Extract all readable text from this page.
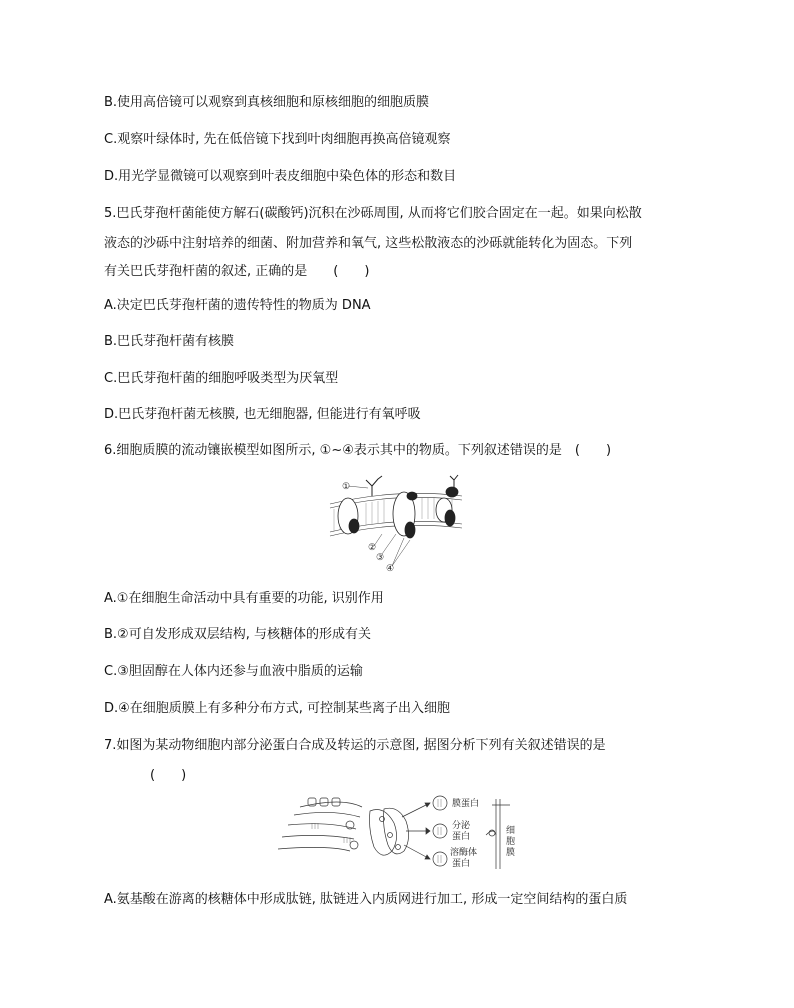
B.使用高倍镜可以观察到真核细胞和原核细胞的细胞质膜
C.观察叶绿体时, 先在低倍镜下找到叶肉细胞再换高倍镜观察
D.用光学显微镜可以观察到叶表皮细胞中染色体的形态和数目
5.巴氏芽孢杆菌能使方解石(碳酸钙)沉积在沙砾周围, 从而将它们胶合固定在一起。如果向松散
液态的沙砾中注射培养的细菌、附加营养和氧气, 这些松散液态的沙砾就能转化为固态。下列
有关巴氏芽孢杆菌的叙述, 正确的是　　(　　)
A.决定巴氏芽孢杆菌的遗传特性的物质为 DNA
B.巴氏芽孢杆菌有核膜
C.巴氏芽孢杆菌的细胞呼吸类型为厌氧型
D.巴氏芽孢杆菌无核膜, 也无细胞器, 但能进行有氧呼吸
6.细胞质膜的流动镶嵌模型如图所示, ①~④表示其中的物质。下列叙述错误的是　(　　)
①
②
③
④
A.①在细胞生命活动中具有重要的功能, 识别作用
B.②可自发形成双层结构, 与核糖体的形成有关
C.③胆固醇在人体内还参与血液中脂质的运输
D.④在细胞质膜上有多种分布方式, 可控制某些离子出入细胞
7.如图为某动物细胞内部分泌蛋白合成及转运的示意图, 据图分析下列有关叙述错误的是
(　　)
膜蛋白
分泌
蛋白
溶酶体
蛋白
细
胞
膜
A.氨基酸在游离的核糖体中形成肽链, 肽链进入内质网进行加工, 形成一定空间结构的蛋白质
